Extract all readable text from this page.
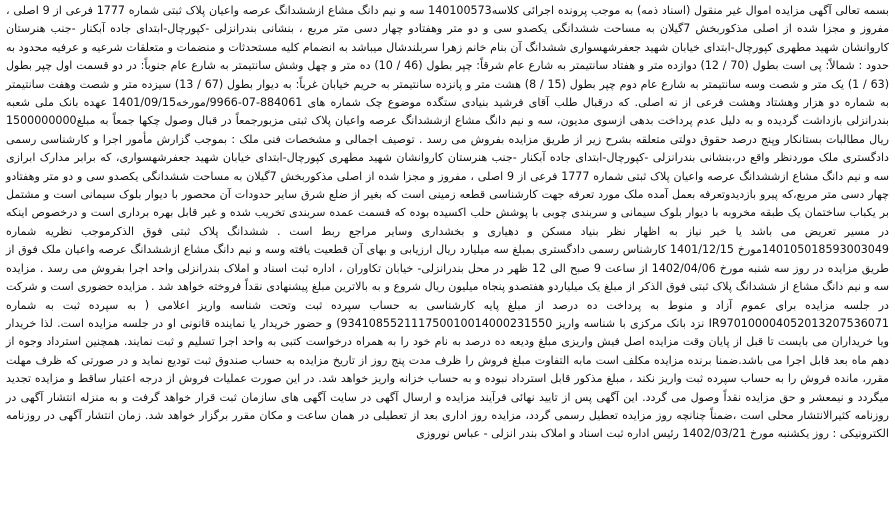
بسمه تعالی آگهی مزایده اموال غیر منقول (اسناد ذمه) به موجب پرونده اجرائی کلاسه140100573 سه و نیم دانگ مشاع ازششدانگ عرصه واعیان پلاک ثبتی شماره 1777 فرعی از 9 اصلی ، مفروز و مجزا شده از اصلی مذکوربخش 7گیلان به مساحت ششدانگی یکصدو سی و دو متر وهفتادو چهار دسی متر مربع ، بنشانی بندرانزلی -کپورچال-ابتدای جاده آبکنار -جنب هنرستان کاروانشان شهید مطهری کپورچال-ابتدای خیابان شهید جعفرشهسواری ششدانگ آن بنام خانم زهرا سربلندشال میباشد به انضمام کلیه مستحدثات و منضمات و متعلقات شرعیه و عرفیه محدود به حدود : شمالاً: پی است بطول (70 / 12) دوازده متر و هفتاد سانتیمتر به شارع عام شرقاً: چپر بطول (46 / 10) ده متر و چهل وشش سانتیمتر به شارع عام جنوباً: در دو قسمت اول چپر بطول (63 / 1) یک متر و شصت وسه سانتیمتر به شارع عام دوم چپر بطول (15 / 8) هشت متر و پانزده سانتیمتر به حریم خیابان غرباً: به دیوار بطول (67 / 13) سیزده متر و شصت وهفت سانتیمتر به شماره دو هزار وهشتاد وهشت فرعی از نه اصلی. که درقبال طلب آقای فرشید بنیادی ستگده موضوع چک شماره های 884061-07-9966/مورخه1401/09/15 عهده بانک ملی شعبه بندرانزلی بازداشت گردیده و به دلیل عدم پرداخت بدهی ازسوی مدیون، سه و نیم دانگ مشاع ازششدانگ عرصه واعیان پلاک ثبتی مزبورجمعاً در قبال وصول چکها جمعاً به مبلغ1500000000 ریال مطالبات بستانکار وپنج درصد حقوق دولتی متعلقه بشرح زیر از طریق مزایده بفروش می رسد . توصیف اجمالی و مشخصات فنی ملک : بموجب گزارش مأمور اجرا و کارشناسی رسمی دادگستری ملک موردنظر واقع در،بنشانی بندرانزلی -کپورچال-ابتدای جاده آبکنار -جنب هنرستان کاروانشان شهید مطهری کپورچال-ابتدای خیابان شهید جعفرشهسواری، که برابر مدارک ابرازی سه و نیم دانگ مشاع ازششدانگ عرصه واعیان پلاک ثبتی شماره 1777 فرعی از 9 اصلی ، مفروز و مجزا شده از اصلی مذکوربخش 7گیلان به مساحت ششدانگی یکصدو سی و دو متر وهفتادو چهار دسی متر مربع،که پیرو بازدیدوتعرفه بعمل آمده ملک مورد تعرفه جهت کارشناسی قطعه زمینی است که بغیر از ضلع شرق سایر حدودات آن محصور با دیوار بلوک سیمانی است و مشتمل بر یکباب ساختمان یک طبقه مخروبه با دیوار بلوک سیمانی و سربندی چوبی با پوشش حلب اکسیده بوده که قسمت عمده سربندی تخریب شده و غیر قابل بهره برداری است و درخصوص اینکه در مسیر تعریض می باشد یا خیر نیاز به اظهار نظر بنیاد مسکن و دهیاری و بخشداری وسایر مراجع ربط است . ششدانگ پلاک ثبتی فوق الذکرموجب نظریه شماره 140105018593003049مورخ 1401/12/15 کارشناس رسمی دادگستری بمبلغ سه میلیارد ریال ارزیابی و بهای آن قطعیت یافته وسه و نیم دانگ مشاع ازششدانگ عرصه واعیان ملک فوق از طریق مزایده در روز سه شنبه مورخ 1402/04/06 از ساعت 9 صبح الی 12 ظهر در محل بندرانزلی- خیابان تکاوران ، اداره ثبت اسناد و املاک بندرانزلی واحد اجرا بفروش می رسد . مزایده سه و نیم دانگ مشاع از ششدانگ پلاک ثبتی فوق الذکر از مبلغ یک میلیاردو هفتصدو پنجاه میلیون ریال شروع و به بالاترین مبلغ پیشنهادی نقداً فروخته خواهد شد . مزایده حضوری است و شرکت در جلسه مزایده برای عموم آزاد و منوط به پرداخت ده درصد از مبلغ پایه کارشناسی به حساب سپرده ثبت وتحت شناسه واریز اعلامی ( به سپرده ثبت به شماره IR970100004052013207536071 نزد بانک مرکزی با شناسه واریز 934108552111750010014000231550) و حضور خریدار یا نماینده قانونی او در جلسه مزایده است. لذا خریدار ویا خریداران می بایست تا قبل از پایان وقت مزایده اصل فیش واریزی مبلغ ودیعه ده درصد به نام خود را به همراه درخواست کتبی به واحد اجرا تسلیم و ثبت نمایند. همچنین استرداد وجوه از دهم ماه بعد قابل اجرا می باشد.ضمنا برنده مزایده مکلف است مابه التفاوت مبلغ فروش را ظرف مدت پنج روز از تاریخ مزایده به حساب صندوق ثبت تودیع نماید و در صورتی که ظرف مهلت مقرر، مانده فروش را به حساب سپرده ثبت واریز نکند ، مبلغ مذکور قابل استرداد نبوده و به حساب خزانه واریز خواهد شد. در این صورت عملیات فروش از درجه اعتبار ساقط و مزایده تجدید میگردد و نیمعشر و حق مزایده نقداً وصول می گردد. این آگهی پس از تایید نهائی فرآیند مزایده و ارسال آگهی در سایت آگهی های سازمان ثبت قرار خواهد گرفت و به منزله انتشار آگهی در روزنامه کثیرالانتشار محلی است ،ضمناً چنانچه روز مزایده تعطیل رسمی گردد، مزایده روز اداری بعد از تعطیلی در همان ساعت و مکان مقرر برگزار خواهد شد. زمان انتشار آگهی در روزنامه الکترونیکی : روز یکشنبه مورخ 1402/03/21 رئیس اداره ثبت اسناد و املاک بندر انزلی - عباس نوروزی
